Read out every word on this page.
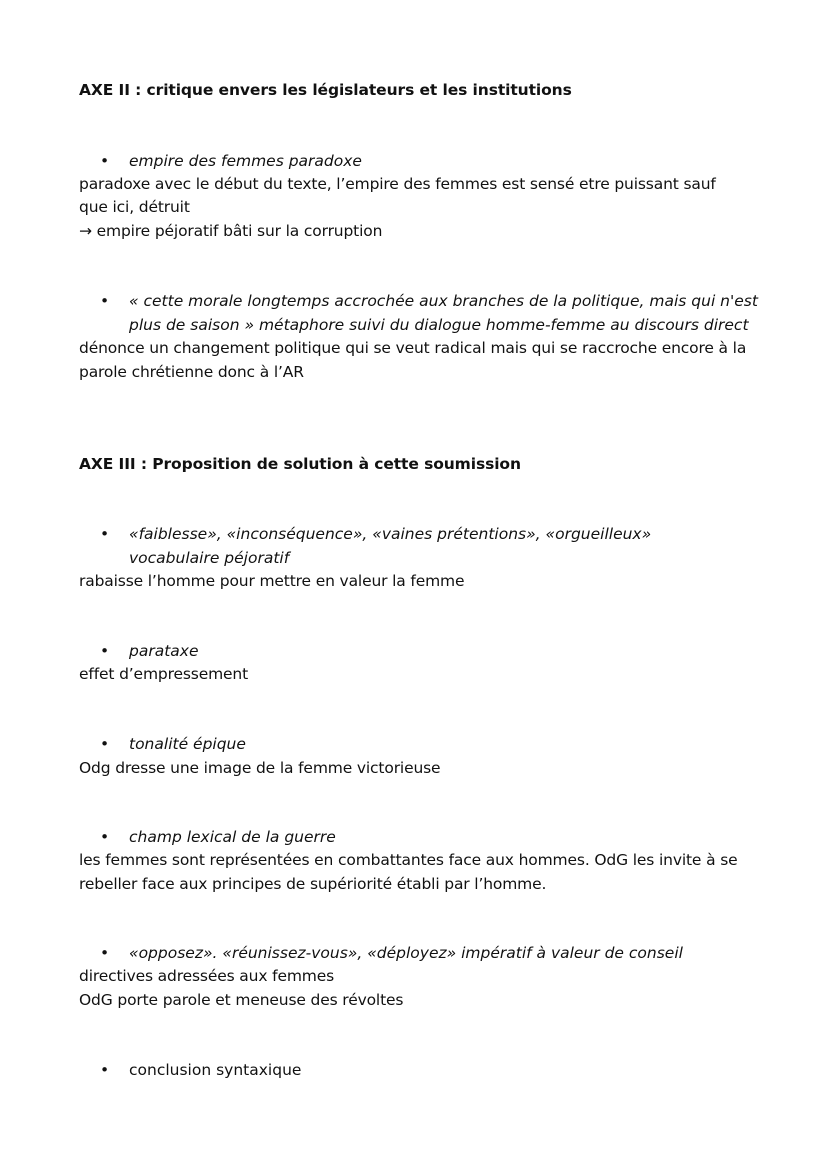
AXE II : critique envers les législateurs et les institutions
•	empire des femmes paradoxe
paradoxe avec le début du texte, l’empire des femmes est sensé etre puissant sauf
que ici, détruit
→ empire péjoratif bâti sur la corruption
•	« cette morale longtemps accrochée aux branches de la politique, mais qui n'est
plus de saison » métaphore suivi du dialogue homme-femme au discours direct
dénonce un changement politique qui se veut radical mais qui se raccroche encore à la
parole chrétienne donc à l’AR
AXE III : Proposition de solution à cette soumission
•	«faiblesse», «inconséquence», «vaines prétentions», «orgueilleux»
vocabulaire péjoratif
rabaisse l’homme pour mettre en valeur la femme
•	parataxe
effet d’empressement
•	tonalité épique
Odg dresse une image de la femme victorieuse
•	champ lexical de la guerre
les femmes sont représentées en combattantes face aux hommes. OdG les invite à se
rebeller face aux principes de supériorité établi par l’homme.
•	«opposez». «réunissez-vous», «déployez» impératif à valeur de conseil
directives adressées aux femmes
OdG porte parole et meneuse des révoltes
•	conclusion syntaxique
